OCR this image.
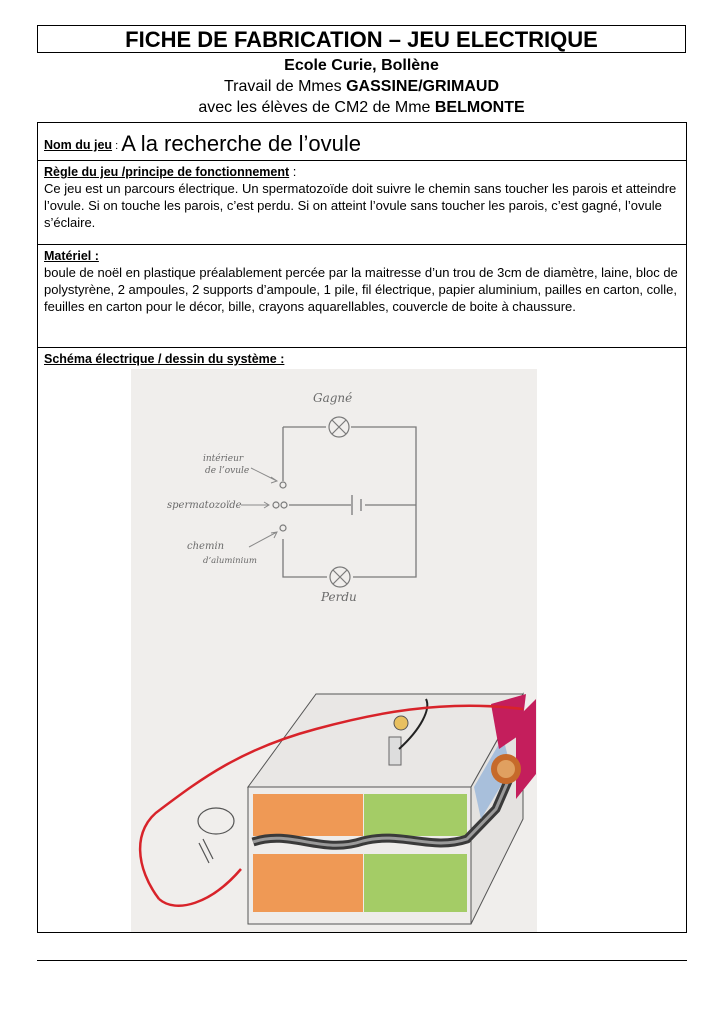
FICHE DE FABRICATION – JEU ELECTRIQUE
Ecole Curie, Bollène
Travail de Mmes GASSINE/GRIMAUD
avec les élèves de CM2 de Mme BELMONTE
Nom du jeu : A la recherche de l’ovule
Règle du jeu /principe de fonctionnement :

Ce jeu est un parcours électrique. Un spermatozoïde doit suivre le chemin sans toucher les parois et atteindre l’ovule. Si on touche les parois, c’est perdu. Si on atteint l’ovule sans toucher les parois, c’est gagné, l’ovule s’éclaire.

Matériel :

boule de noël en plastique préalablement percée par la maitresse d’un trou de 3cm de diamètre, laine, bloc de polystyrène, 2 ampoules, 2 supports d’ampoule, 1 pile, fil électrique, papier aluminium, pailles en carton, colle, feuilles en carton pour le décor, bille, crayons aquarellables, couvercle de boite à chaussure.

Schéma électrique / dessin du système :
Gagné
intérieur
de l’ovule
spermatozoïde
chemin
d’aluminium
Perdu
